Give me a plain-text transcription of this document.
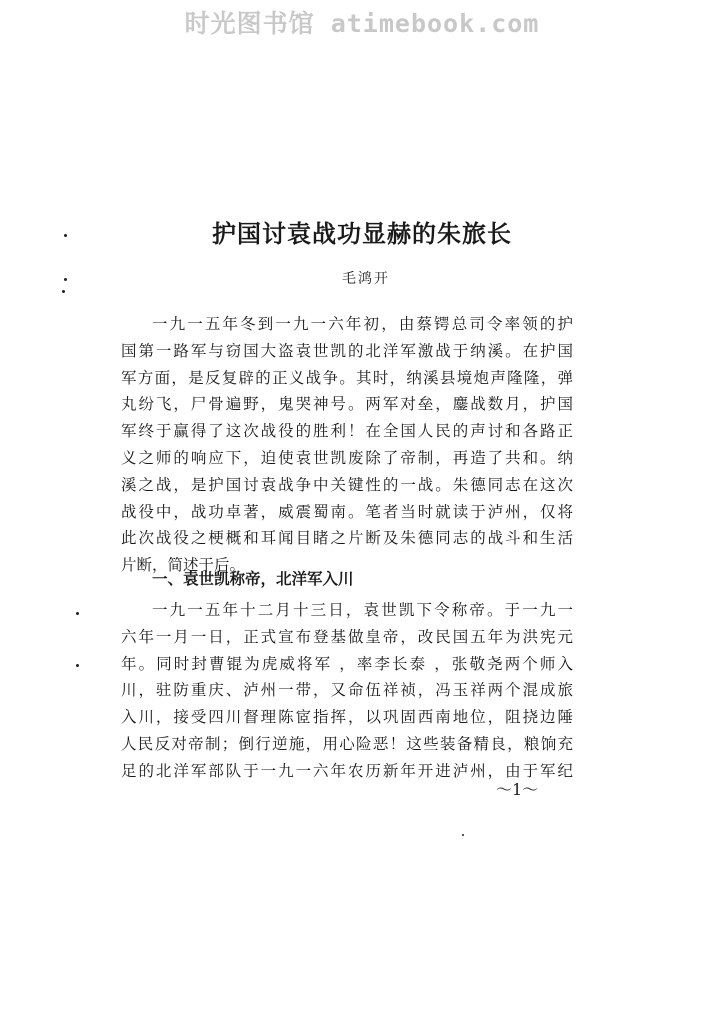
时光图书馆 atimebook.com
护国讨袁战功显赫的朱旅长
毛鸿开
一九一五年冬到一九一六年初，由蔡锷总司令率领的护
国第一路军与窃国大盗袁世凯的北洋军激战于纳溪。在护国
军方面，是反复辟的正义战争。其时，纳溪县境炮声隆隆，弹
丸纷飞，尸骨遍野，鬼哭神号。两军对垒，鏖战数月，护国
军终于赢得了这次战役的胜利！在全国人民的声讨和各路正
义之师的响应下，迫使袁世凯废除了帝制，再造了共和。纳
溪之战，是护国讨袁战争中关键性的一战。朱德同志在这次
战役中，战功卓著，威震蜀南。笔者当时就读于泸州，仅将
此次战役之梗概和耳闻目睹之片断及朱德同志的战斗和生活
片断，简述于后。
一、袁世凯称帝，北洋军入川
一九一五年十二月十三日，袁世凯下令称帝。于一九一
六年一月一日，正式宣布登基做皇帝，改民国五年为洪宪元
年。同时封曹锟为虎威将军 ，率李长泰 ，张敬尧两个师入
川，驻防重庆、泸州一带，又命伍祥祯，冯玉祥两个混成旅
入川，接受四川督理陈宧指挥，以巩固西南地位，阻挠边陲
人民反对帝制；倒行逆施，用心险恶！这些装备精良，粮饷充
足的北洋军部队于一九一六年农历新年开进泸州，由于军纪
～1～
